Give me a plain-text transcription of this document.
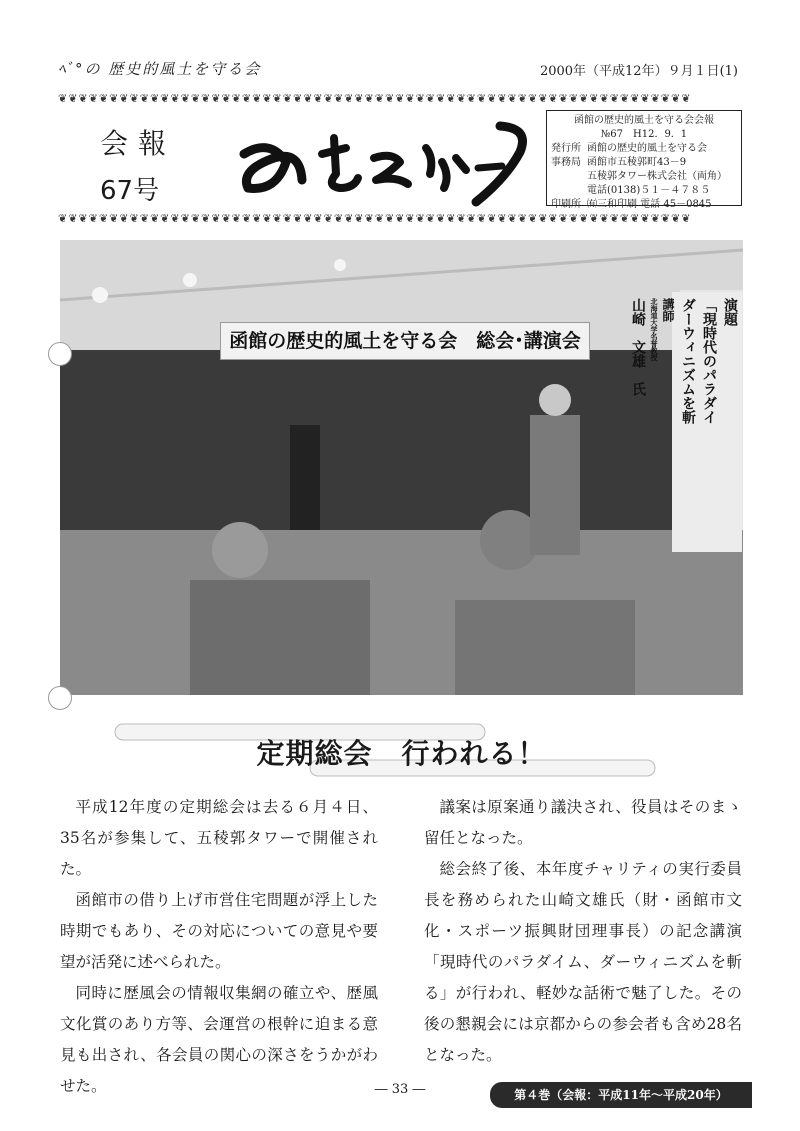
ﾍﾞ°の 歴史的風土を守る会	2000年（平成12年）９月１日(1)
❦❦❦❦❦❦❦❦❦❦❦❦❦❦❦❦❦❦❦❦❦❦❦❦❦❦❦❦❦❦❦❦❦❦❦❦❦❦❦❦❦❦❦❦❦❦❦❦❦❦❦❦❦❦❦❦❦❦❦❦❦❦
会報
67号
函館の歴史的風土を守る会会報
№67　H12．9．1
発行所
事務局
函館の歴史的風土を守る会
函館市五稜郭町43－9
五稜郭タワー株式会社（両角）
電話(0138)５１－４７８５
印刷所 ㈲三和印刷 電話 45－0845
❦❦❦❦❦❦❦❦❦❦❦❦❦❦❦❦❦❦❦❦❦❦❦❦❦❦❦❦❦❦❦❦❦❦❦❦❦❦❦❦❦❦❦❦❦❦❦❦❦❦❦❦❦❦❦❦❦❦❦❦❦❦
函館の歴史的風土を守る会　総会･講演会
演題
「現時代のパラダイ
ダーウィニズムを斬
講師
北海道大学名誉教授
山崎　文雄　氏
定期総会　行われる！

平成12年度の定期総会は去る６月４日、35名が参集して、五稜郭タワーで開催された。

函館市の借り上げ市営住宅問題が浮上した時期でもあり、その対応についての意見や要望が活発に述べられた。

同時に歴風会の情報収集網の確立や、歴風文化賞のあり方等、会運営の根幹に迫まる意見も出され、各会員の関心の深さをうかがわせた。

議案は原案通り議決され、役員はそのまゝ留任となった。

総会終了後、本年度チャリティの実行委員長を務められた山崎文雄氏（財・函館市文化・スポーツ振興財団理事長）の記念講演「現時代のパラダイム、ダーウィニズムを斬る」が行われ、軽妙な話術で魅了した。その後の懇親会には京都からの参会者も含め28名となった。

― 33 ―	第４巻（会報：平成11年～平成20年）
